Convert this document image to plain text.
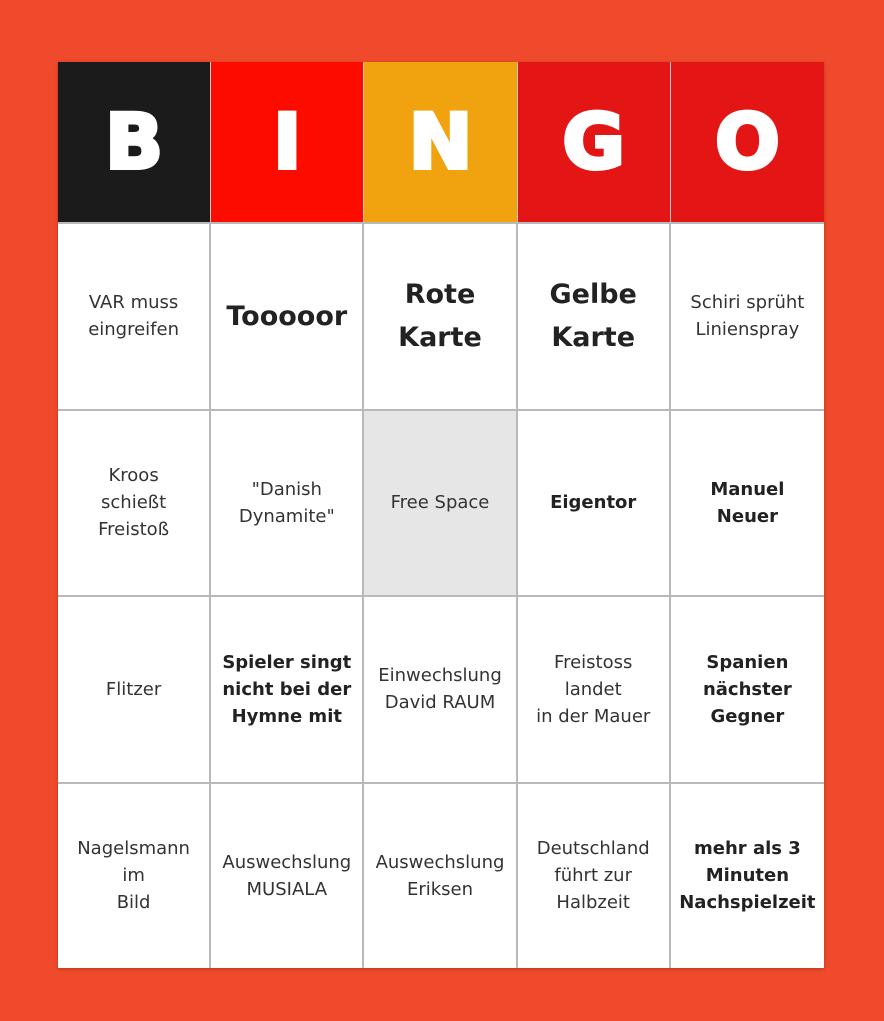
B I N G O
VAR muss
eingreifen	Tooooor
Rote
Karte
Gelbe
Karte
Schiri sprüht
Linienspray
Kroos
schießt Freistoß
"Danish
Dynamite"
Free Space	Eigentor
Manuel Neuer
Flitzer
Spieler singt
nicht bei der
Hymne mit
Einwechslung
David RAUM
Freistoss landet
in der Mauer
Spanien
nächster
Gegner
Nagelsmann im
Bild
Auswechslung
MUSIALA
Auswechslung
Eriksen
Deutschland
führt zur
Halbzeit
mehr als 3
Minuten
Nachspielzeit
